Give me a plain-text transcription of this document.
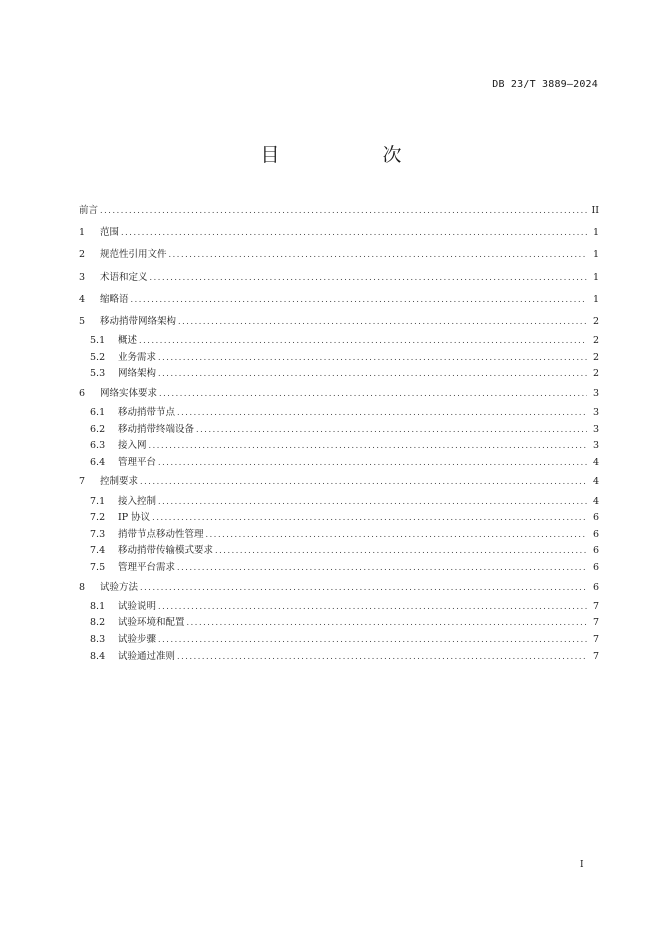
DB 23/T 3889—2024
目　次
前言 .....	II
1	范围 .....	1
2	规范性引用文件 .....	1
3	术语和定义 .....	1
4	缩略语 .....	1
5	移动捎带网络架构 .....	2
5.1	概述 .....	2
5.2	业务需求 .....	2
5.3	网络架构 .....	2
6	网络实体要求 .....	3
6.1	移动捎带节点 .....	3
6.2	移动捎带终端设备 .....	3
6.3	接入网 .....	3
6.4	管理平台 .....	4
7	控制要求 .....	4
7.1	接入控制 .....	4
7.2	IP 协议 .....	6
7.3	捎带节点移动性管理 .....	6
7.4	移动捎带传输模式要求 .....	6
7.5	管理平台需求 .....	6
8	试验方法 .....	6
8.1	试验说明 .....	7
8.2	试验环境和配置 .....	7
8.3	试验步骤 .....	7
8.4	试验通过准则 .....	7
I
